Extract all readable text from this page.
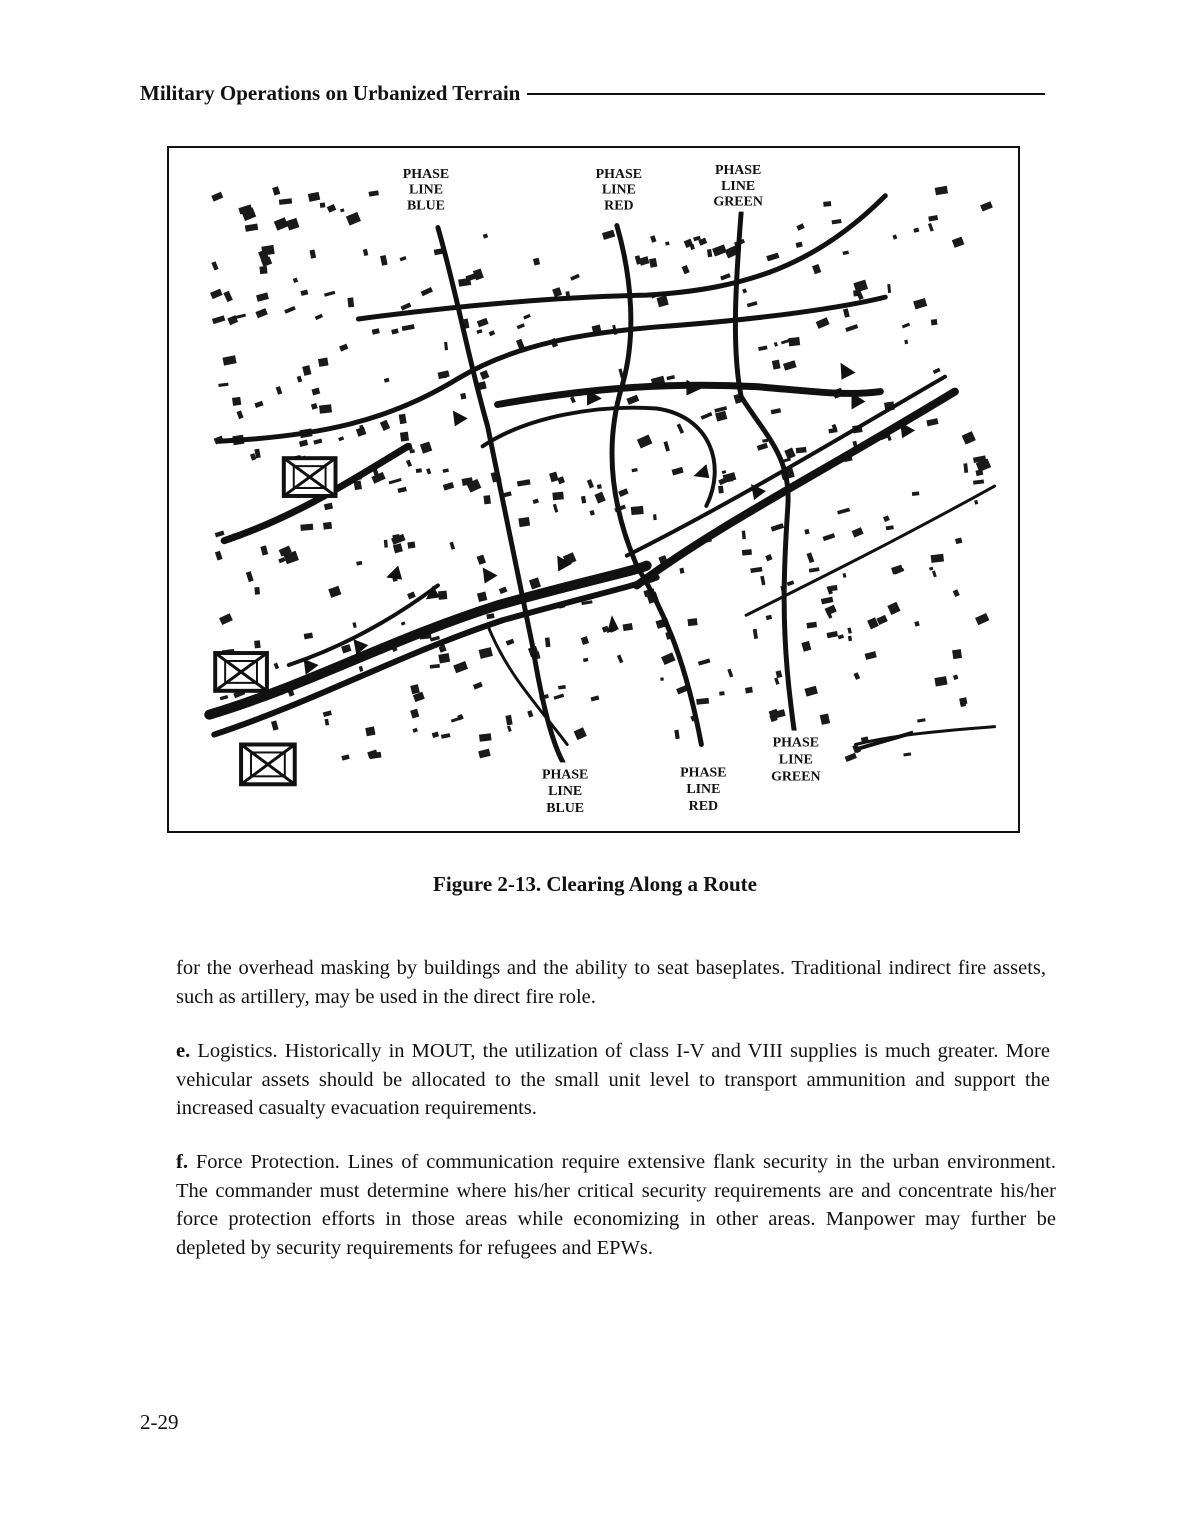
Military Operations on Urbanized Terrain
PHASE
LINE
BLUE
PHASE
LINE
RED
PHASE
LINE
GREEN
PHASE
LINE
BLUE
PHASE
LINE
RED
PHASE
LINE
GREEN
Figure 2-13. Clearing Along a Route

for the overhead masking by buildings and the ability to seat baseplates. Traditional indirect fire assets, such as artillery, may be used in the direct fire role.

e. Logistics. Historically in MOUT, the utilization of class I-V and VIII supplies is much greater. More vehicular assets should be allocated to the small unit level to transport ammunition and support the increased casualty evacuation requirements.

f. Force Protection. Lines of communication require extensive flank security in the urban environment. The commander must determine where his/her critical security requirements are and concentrate his/her force protection efforts in those areas while economizing in other areas. Manpower may further be depleted by security requirements for refugees and EPWs.

2-29
